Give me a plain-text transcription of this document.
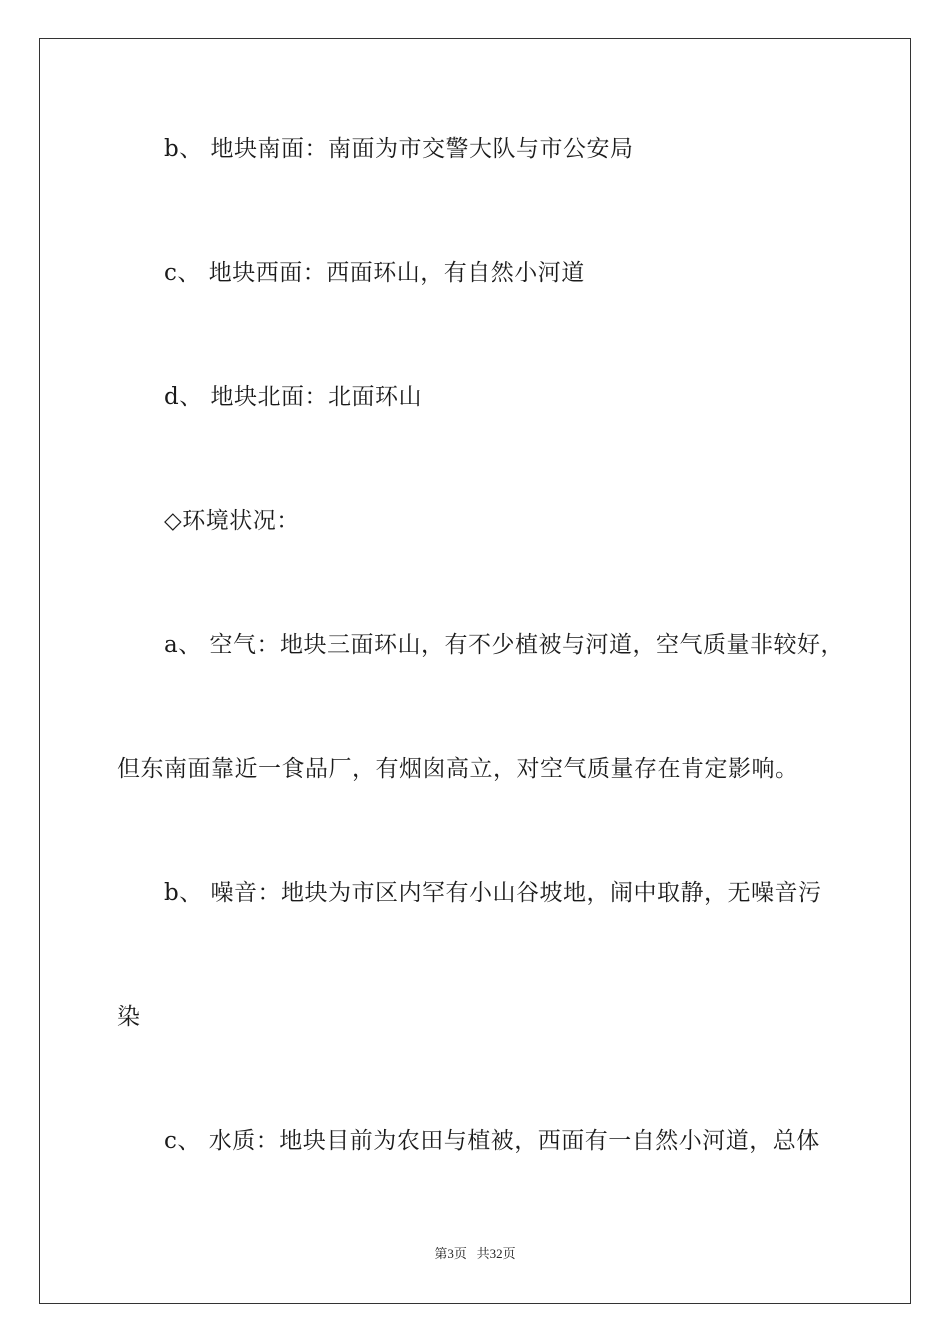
b、 地块南面：南面为市交警大队与市公安局
c、 地块西面：西面环山，有自然小河道
d、 地块北面：北面环山
◇环境状况：
a、 空气：地块三面环山，有不少植被与河道，空气质量非较好，
但东南面靠近一食品厂，有烟囱高立，对空气质量存在肯定影响。
b、 噪音：地块为市区内罕有小山谷坡地，闹中取静，无噪音污
染
c、 水质：地块目前为农田与植被，西面有一自然小河道，总体
第3页 共32页
